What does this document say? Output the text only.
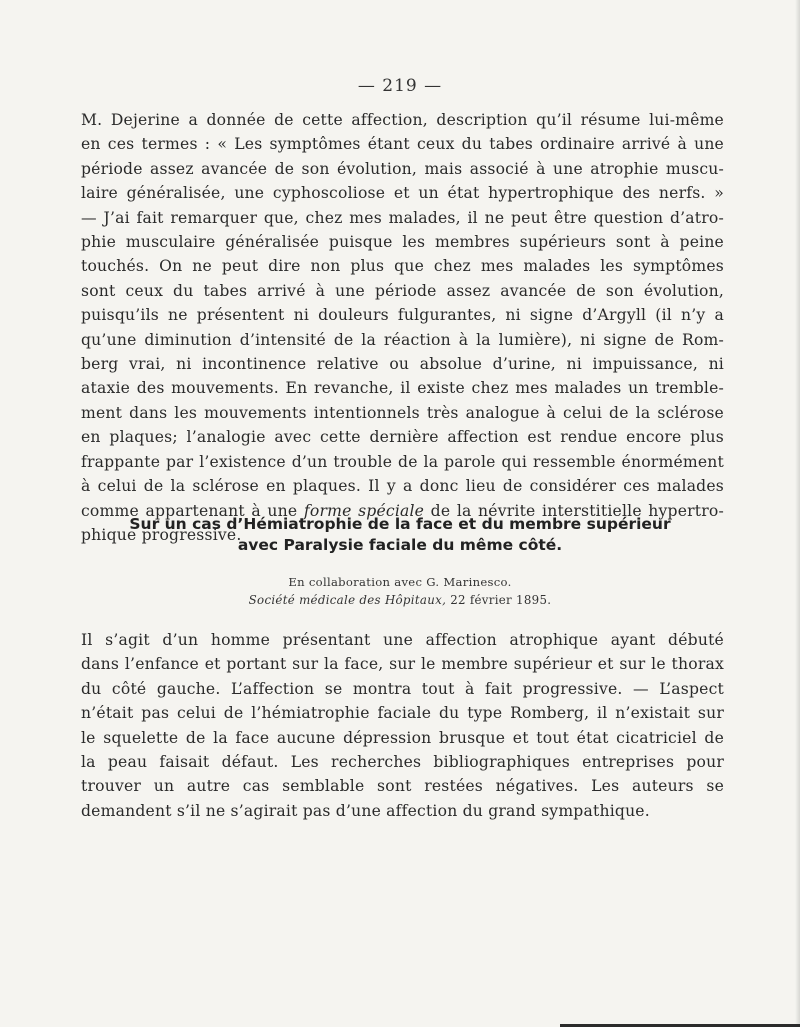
— 219 —
M. Dejerine a donnée de cette affection, description qu’il résume lui-même
en ces termes : « Les symptômes étant ceux du tabes ordinaire arrivé à une
période assez avancée de son évolution, mais associé à une atrophie muscu-
laire généralisée, une cyphoscoliose et un état hypertrophique des nerfs. »
— J’ai fait remarquer que, chez mes malades, il ne peut être question d’atro-
phie musculaire généralisée puisque les membres supérieurs sont à peine
touchés. On ne peut dire non plus que chez mes malades les symptômes
sont ceux du tabes arrivé à une période assez avancée de son évolution,
puisqu’ils ne présentent ni douleurs fulgurantes, ni signe d’Argyll (il n’y a
qu’une diminution d’intensité de la réaction à la lumière), ni signe de Rom-
berg vrai, ni incontinence relative ou absolue d’urine, ni impuissance, ni
ataxie des mouvements. En revanche, il existe chez mes malades un tremble-
ment dans les mouvements intentionnels très analogue à celui de la sclérose
en plaques; l’analogie avec cette dernière affection est rendue encore plus
frappante par l’existence d’un trouble de la parole qui ressemble énormément
à celui de la sclérose en plaques. Il y a donc lieu de considérer ces malades
comme appartenant à une forme spéciale de la névrite interstitielle hypertro-
phique progressive.
Sur un cas d’Hémiatrophie de la face et du membre supérieur
avec Paralysie faciale du même côté.
En collaboration avec G. Marinesco.
Société médicale des Hôpitaux, 22 février 1895.
Il s’agit d’un homme présentant une affection atrophique ayant débuté
dans l’enfance et portant sur la face, sur le membre supérieur et sur le thorax
du côté gauche. L’affection se montra tout à fait progressive. — L’aspect
n’était pas celui de l’hémiatrophie faciale du type Romberg, il n’existait sur
le squelette de la face aucune dépression brusque et tout état cicatriciel de
la peau faisait défaut. Les recherches bibliographiques entreprises pour
trouver un autre cas semblable sont restées négatives. Les auteurs se
demandent s’il ne s’agirait pas d’une affection du grand sympathique.
